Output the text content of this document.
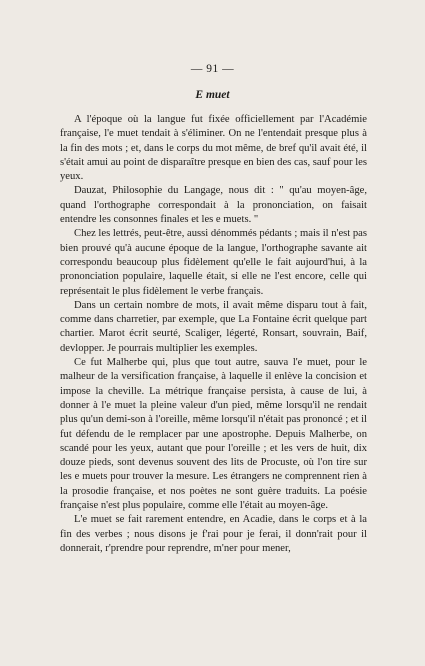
— 91 —
E muet

A l'époque où la langue fut fixée officiellement par l'Académie française, l'e muet tendait à s'éliminer. On ne l'entendait presque plus à la fin des mots ; et, dans le corps du mot même, de bref qu'il avait été, il s'était amui au point de disparaître presque en bien des cas, sauf pour les yeux.

Dauzat, Philosophie du Langage, nous dit : " qu'au moyen-âge, quand l'orthographe correspondait à la prononciation, on faisait entendre les consonnes finales et les e muets. "

Chez les lettrés, peut-être, aussi dénommés pédants ; mais il n'est pas bien prouvé qu'à aucune époque de la langue, l'orthographe savante ait correspondu beaucoup plus fidèlement qu'elle le fait aujourd'hui, à la prononciation populaire, laquelle était, si elle ne l'est encore, celle qui représentait le plus fidèlement le verbe français.

Dans un certain nombre de mots, il avait même disparu tout à fait, comme dans charretier, par exemple, que La Fontaine écrit quelque part chartier. Marot écrit seurté, Scaliger, légerté, Ronsart, souvrain, Baif, devlopper. Je pourrais multiplier les exemples.

Ce fut Malherbe qui, plus que tout autre, sauva l'e muet, pour le malheur de la versification française, à laquelle il enlève la concision et impose la cheville. La métrique française persista, à cause de lui, à donner à l'e muet la pleine valeur d'un pied, même lorsqu'il ne rendait plus qu'un demi-son à l'oreille, même lorsqu'il n'était pas prononcé ; et il fut défendu de le remplacer par une apostrophe. Depuis Malherbe, on scandé pour les yeux, autant que pour l'oreille ; et les vers de huit, dix douze pieds, sont devenus souvent des lits de Procuste, où l'on tire sur les e muets pour trouver la mesure. Les étrangers ne comprennent rien à la prosodie française, et nos poètes ne sont guère traduits. La poésie française n'est plus populaire, comme elle l'était au moyen-âge.

L'e muet se fait rarement entendre, en Acadie, dans le corps et à la fin des verbes ; nous disons je f'rai pour je ferai, il donn'rait pour il donnerait, r'prendre pour reprendre, m'ner pour mener,
